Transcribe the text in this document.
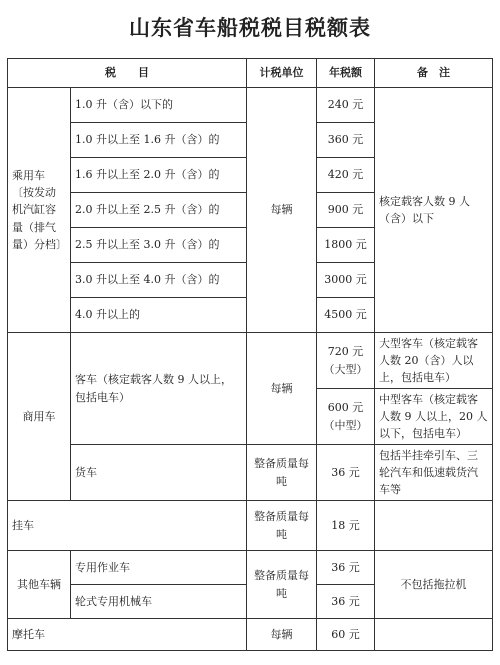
山东省车船税税目税额表
税　　目		计税单位	年税额	备　注
乘用车〔按发动机汽缸容量（排气量）分档〕	1.0 升（含）以下的	每辆	240 元	核定载客人数 9 人（含）以下
	1.0 升以上至 1.6 升（含）的		360 元	
	1.6 升以上至 2.0 升（含）的		420 元	
	2.0 升以上至 2.5 升（含）的		900 元	
	2.5 升以上至 3.0 升（含）的		1800 元	
	3.0 升以上至 4.0 升（含）的		3000 元	
	4.0 升以上的		4500 元	
商用车	客车（核定载客人数 9 人以上，包括电车）	每辆	720 元（大型）	大型客车（核定载客人数 20（含）人以上，包括电车）
			600 元（中型）	中型客车（核定载客人数 9 人以上，20 人以下，包括电车）
	货车	整备质量每吨	36 元	包括半挂牵引车、三轮汽车和低速载货汽车等
挂车		整备质量每吨	18 元	
其他车辆	专用作业车	整备质量每吨	36 元	不包括拖拉机
	轮式专用机械车		36 元	
摩托车		每辆	60 元	
